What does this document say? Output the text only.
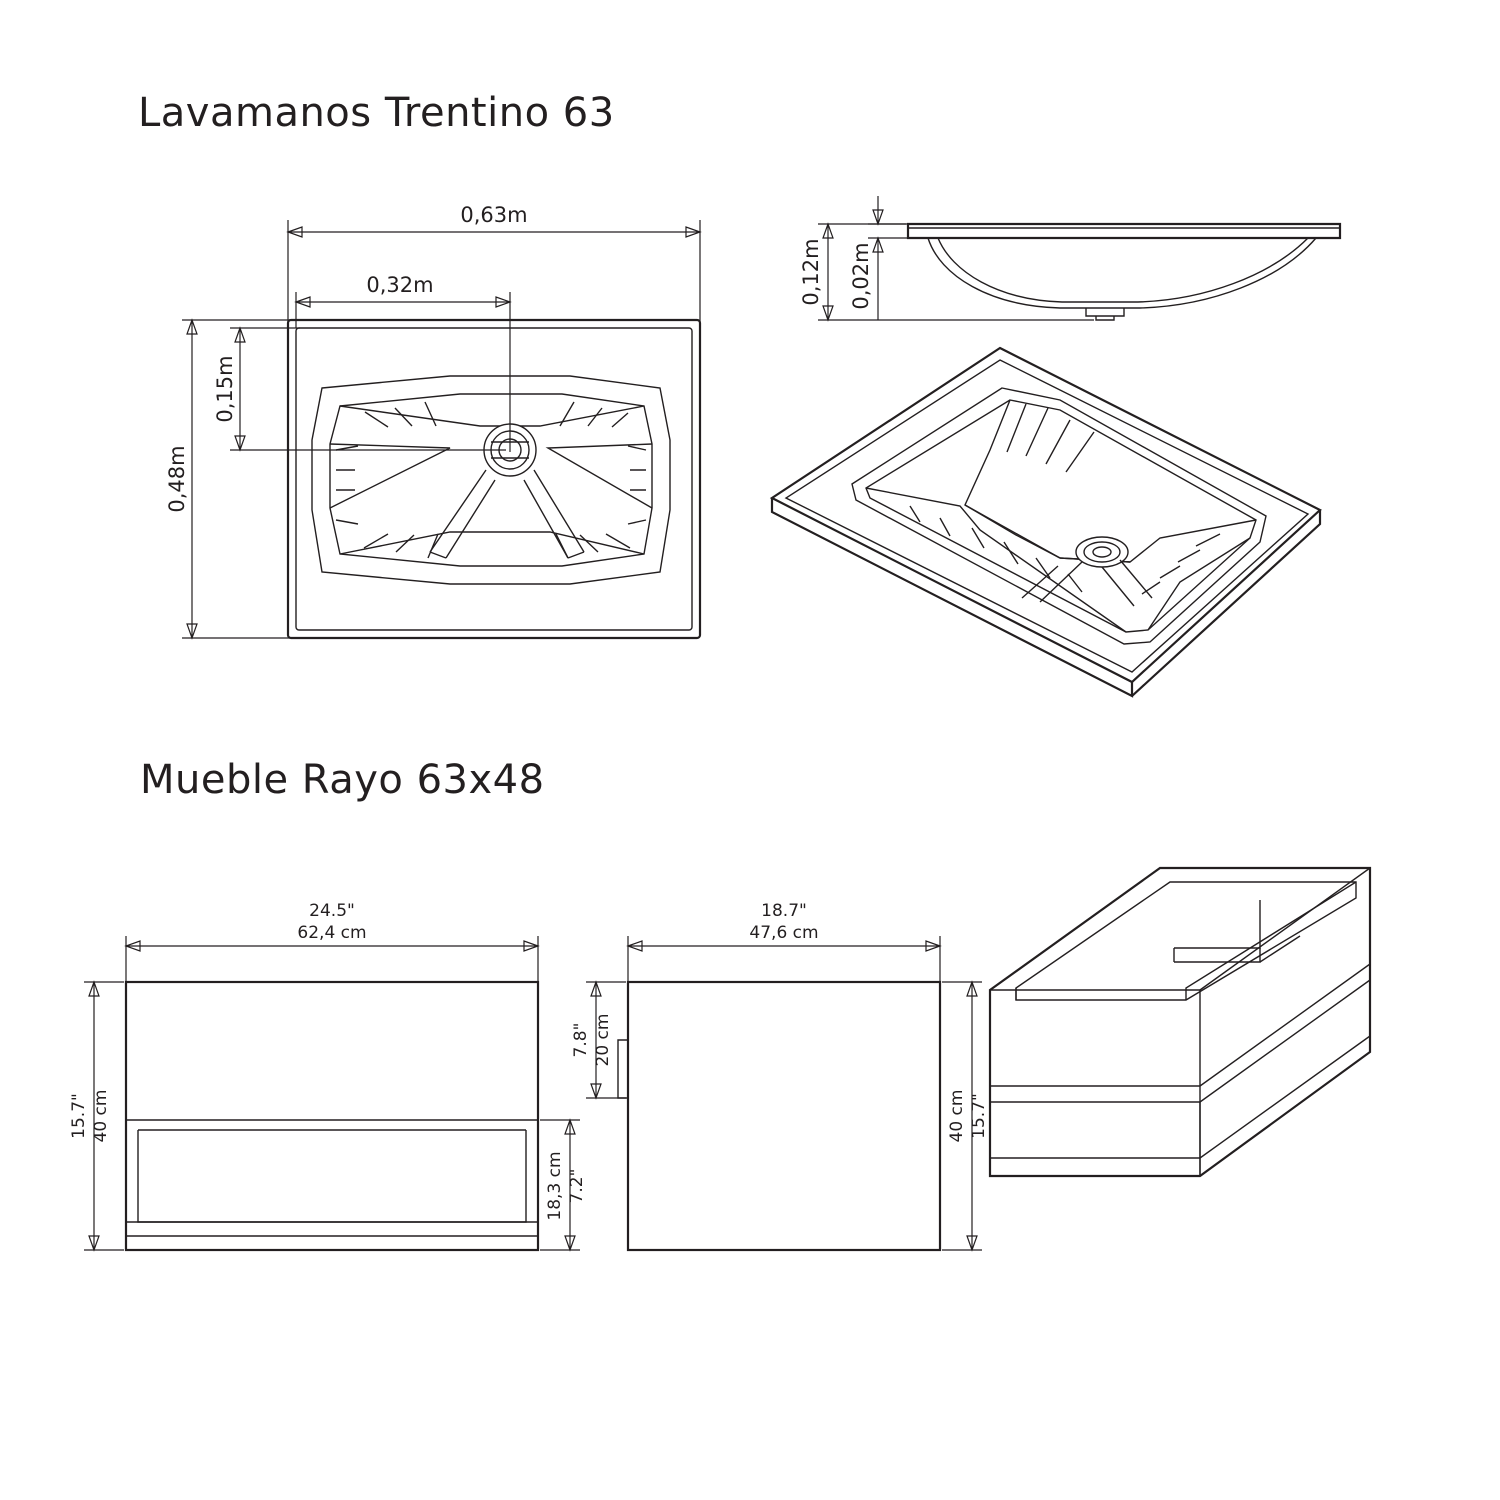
Lavamanos Trentino 63
Mueble Rayo 63x48
0,63m
0,32m
0,15m
0,48m
0,12m 0,02m
24.5"
62,4 cm
15.7" 40 cm
7.2"
18,3 cm
18.7"
47,6 cm
7.8" 20 cm
15.7"
40 cm
